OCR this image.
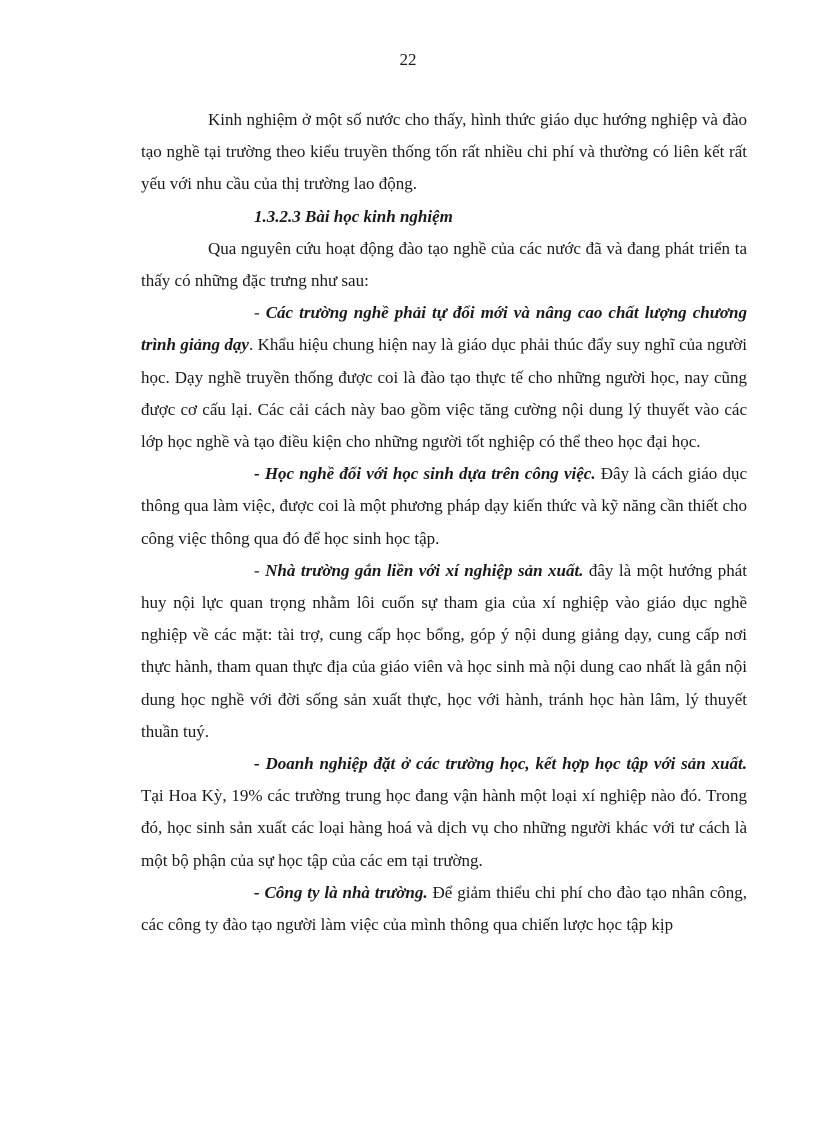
22

Kinh nghiệm ở một số nước cho thấy, hình thức giáo dục hướng nghiệp và đào tạo nghề tại trường theo kiểu truyền thống tốn rất nhiều chi phí và thường có liên kết rất yếu với nhu cầu của thị trường lao động.

1.3.2.3 Bài học kinh nghiệm

Qua nguyên cứu hoạt động đào tạo nghề của các nước đã và đang phát triển ta thấy có những đặc trưng như sau:

- Các trường nghề phải tự đổi mới và nâng cao chất lượng chương trình giảng dạy. Khẩu hiệu chung hiện nay là giáo dục phải thúc đẩy suy nghĩ của người học. Dạy nghề truyền thống được coi là đào tạo thực tế cho những người học, nay cũng được cơ cấu lại. Các cải cách này bao gồm việc tăng cường nội dung lý thuyết vào các lớp học nghề và tạo điều kiện cho những người tốt nghiệp có thể theo học đại học.

- Học nghề đối với học sinh dựa trên công việc. Đây là cách giáo dục thông qua làm việc, được coi là một phương pháp dạy kiến thức và kỹ năng cần thiết cho công việc thông qua đó để học sinh học tập.

- Nhà trường gắn liền với xí nghiệp sản xuất. đây là một hướng phát huy nội lực quan trọng nhằm lôi cuốn sự tham gia của xí nghiệp vào giáo dục nghề nghiệp về các mặt: tài trợ, cung cấp học bổng, góp ý nội dung giảng dạy, cung cấp nơi thực hành, tham quan thực địa của giáo viên và học sinh mà nội dung cao nhất là gắn nội dung học nghề với đời sống sản xuất thực, học với hành, tránh học hàn lâm, lý thuyết thuần tuý.

- Doanh nghiệp đặt ở các trường học, kết hợp học tập với sản xuất. Tại Hoa Kỳ, 19% các trường trung học đang vận hành một loại xí nghiệp nào đó. Trong đó, học sinh sản xuất các loại hàng hoá và dịch vụ cho những người khác với tư cách là một bộ phận của sự học tập của các em tại trường.

- Công ty là nhà trường. Để giảm thiểu chi phí cho đào tạo nhân công, các công ty đào tạo người làm việc của mình thông qua chiến lược học tập kịp
